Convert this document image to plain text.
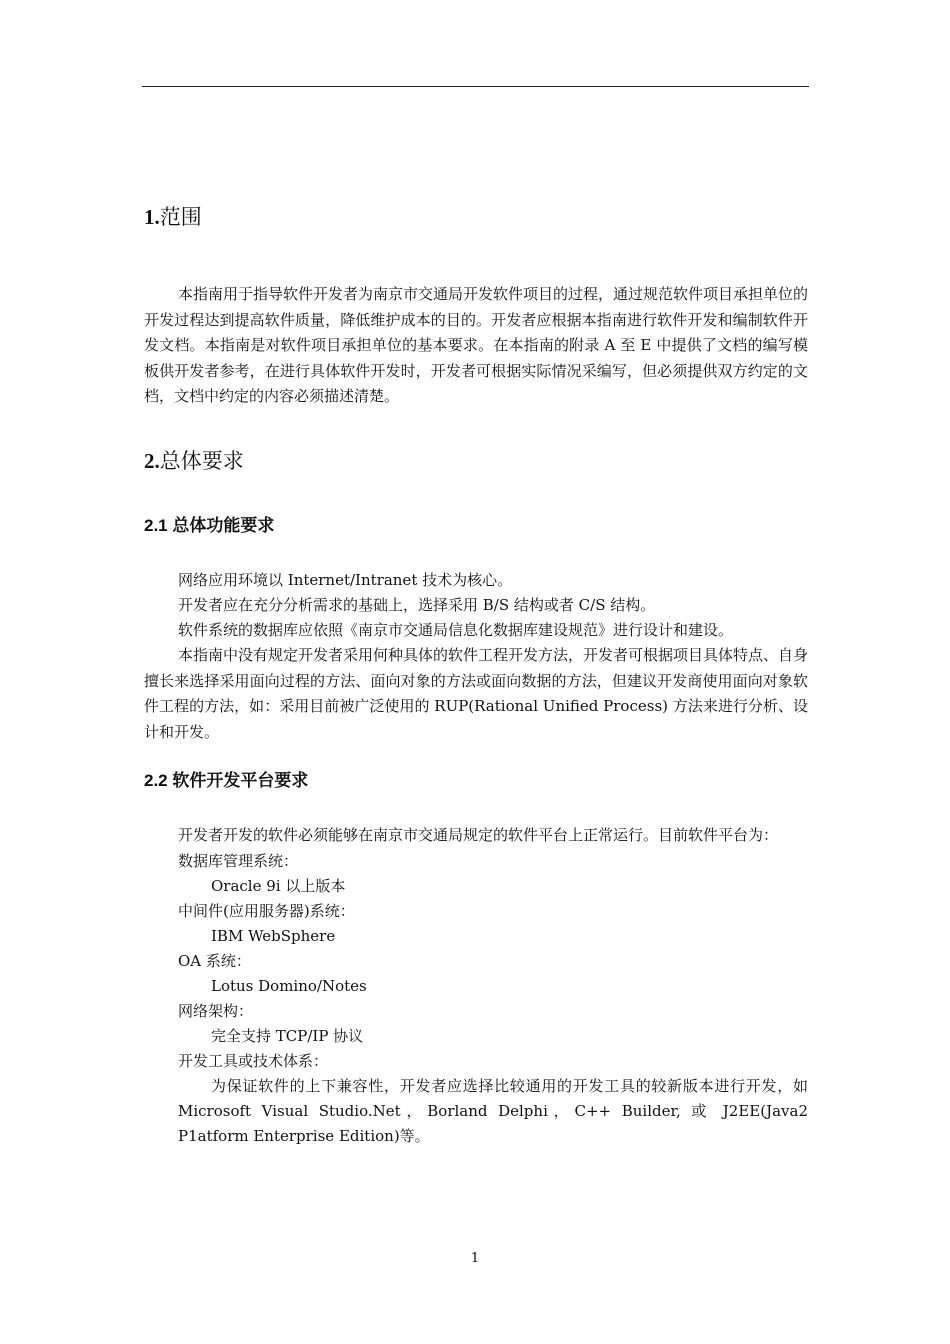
1.范围

本指南用于指导软件开发者为南京市交通局开发软件项目的过程，通过规范软件项目承担单位的开发过程达到提高软件质量，降低维护成本的目的。开发者应根据本指南进行软件开发和编制软件开发文档。本指南是对软件项目承担单位的基本要求。在本指南的附录 A 至 E 中提供了文档的编写模板供开发者参考，在进行具体软件开发时，开发者可根据实际情况采编写，但必须提供双方约定的文档，文档中约定的内容必须描述清楚。

2.总体要求
2.1 总体功能要求

网络应用环境以 Internet/Intranet 技术为核心。

开发者应在充分分析需求的基础上，选择采用 B/S 结构或者 C/S 结构。

软件系统的数据库应依照《南京市交通局信息化数据库建设规范》进行设计和建设。

本指南中没有规定开发者采用何种具体的软件工程开发方法，开发者可根据项目具体特点、自身擅长来选择采用面向过程的方法、面向对象的方法或面向数据的方法，但建议开发商使用面向对象软件工程的方法，如：采用目前被广泛使用的 RUP(Rational Unified Process) 方法来进行分析、设计和开发。

2.2 软件开发平台要求

开发者开发的软件必须能够在南京市交通局规定的软件平台上正常运行。目前软件平台为：

数据库管理系统：

Oracle 9i 以上版本

中间件(应用服务器)系统：

IBM WebSphere

OA 系统：

Lotus Domino/Notes

网络架构：

完全支持 TCP/IP 协议

开发工具或技术体系：

为保证软件的上下兼容性，开发者应选择比较通用的开发工具的较新版本进行开发，如 Microsoft Visual Studio.Net，Borland Delphi，C++ Builder, 或 J2EE(Java2 P1atform Enterprise Edition)等。

1
